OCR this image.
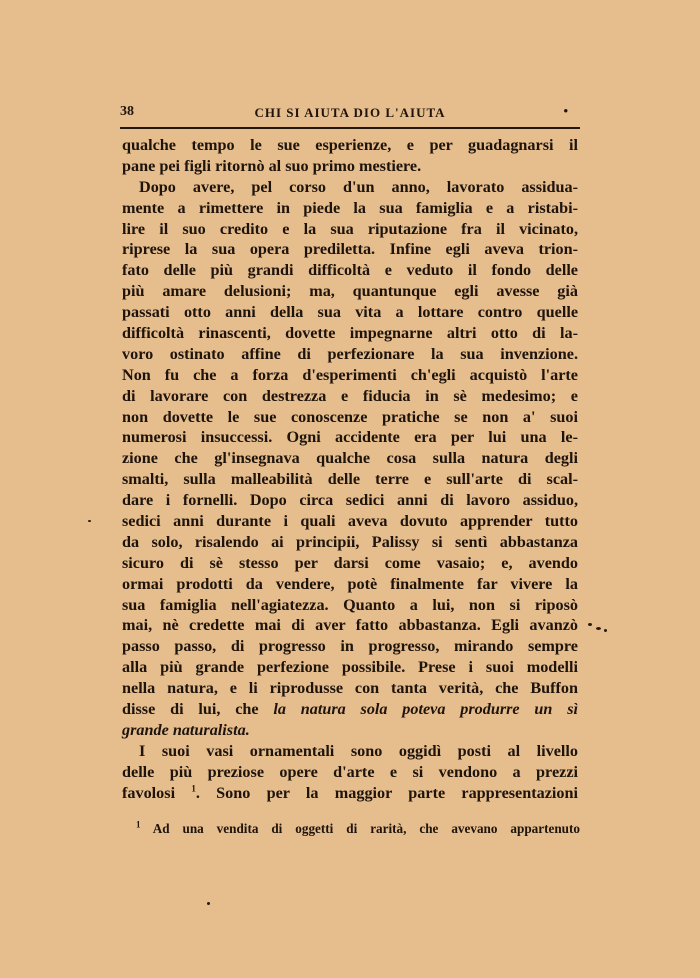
38	CHI SI AIUTA DIO L'AIUTA	•
qualche tempo le sue esperienze, e per guadagnarsi il
pane pei figli ritornò al suo primo mestiere.
Dopo avere, pel corso d'un anno, lavorato assidua-
mente a rimettere in piede la sua famiglia e a ristabi-
lire il suo credito e la sua riputazione fra il vicinato,
riprese la sua opera prediletta. Infine egli aveva trion-
fato delle più grandi difficoltà e veduto il fondo delle
più amare delusioni; ma, quantunque egli avesse già
passati otto anni della sua vita a lottare contro quelle
difficoltà rinascenti, dovette impegnarne altri otto di la-
voro ostinato affine di perfezionare la sua invenzione.
Non fu che a forza d'esperimenti ch'egli acquistò l'arte
di lavorare con destrezza e fiducia in sè medesimo; e
non dovette le sue conoscenze pratiche se non a' suoi
numerosi insuccessi. Ogni accidente era per lui una le-
zione che gl'insegnava qualche cosa sulla natura degli
smalti, sulla malleabilità delle terre e sull'arte di scal-
dare i fornelli. Dopo circa sedici anni di lavoro assiduo,
sedici anni durante i quali aveva dovuto apprender tutto
da solo, risalendo ai principii, Palissy si sentì abbastanza
sicuro di sè stesso per darsi come vasaio; e, avendo
ormai prodotti da vendere, potè finalmente far vivere la
sua famiglia nell'agiatezza. Quanto a lui, non si riposò
mai, nè credette mai di aver fatto abbastanza. Egli avanzò
passo passo, di progresso in progresso, mirando sempre
alla più grande perfezione possibile. Prese i suoi modelli
nella natura, e li riprodusse con tanta verità, che Buffon
disse di lui, che la natura sola poteva produrre un sì
grande naturalista.
I suoi vasi ornamentali sono oggidì posti al livello
delle più preziose opere d'arte e si vendono a prezzi
favolosi $^1$. Sono per la maggior parte rappresentazioni
$^1$ Ad una vendita di oggetti di rarità, che avevano appartenuto
